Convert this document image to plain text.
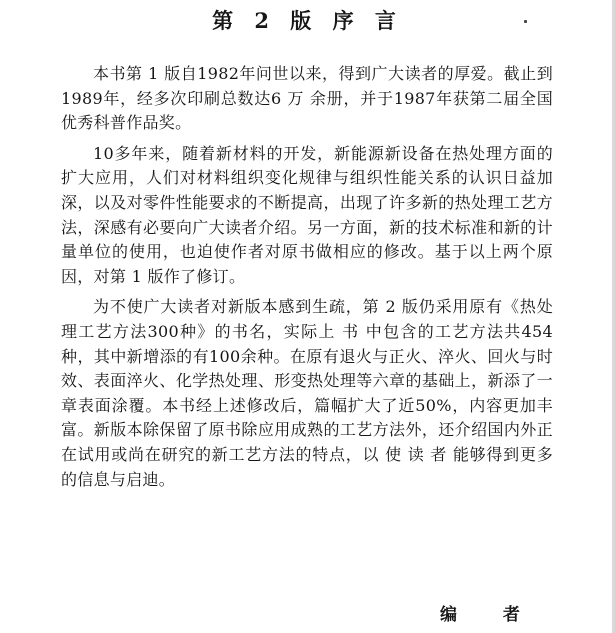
第 2 版 序 言

本书第 1 版自1982年问世以来，得到广大读者的厚爱。截止到1989年，经多次印刷总数达6 万 余册，并于1987年获第二届全国优秀科普作品奖。

10多年来，随着新材料的开发，新能源新设备在热处理方面的扩大应用，人们对材料组织变化规律与组织性能关系的认识日益加深，以及对零件性能要求的不断提高，出现了许多新的热处理工艺方法，深感有必要向广大读者介绍。另一方面，新的技术标准和新的计量单位的使用，也迫使作者对原书做相应的修改。基于以上两个原因，对第 1 版作了修订。

为不使广大读者对新版本感到生疏，第 2 版仍采用原有《热处理工艺方法300种》的书名，实际上 书 中包含的工艺方法共454种，其中新增添的有100余种。在原有退火与正火、淬火、回火与时效、表面淬火、化学热处理、形变热处理等六章的基础上，新添了一章表面涂覆。本书经上述修改后，篇幅扩大了近50%，内容更加丰富。新版本除保留了原书除应用成熟的工艺方法外，还介绍国内外正在试用或尚在研究的新工艺方法的特点，以 使 读 者 能够得到更多的信息与启迪。

编 者
